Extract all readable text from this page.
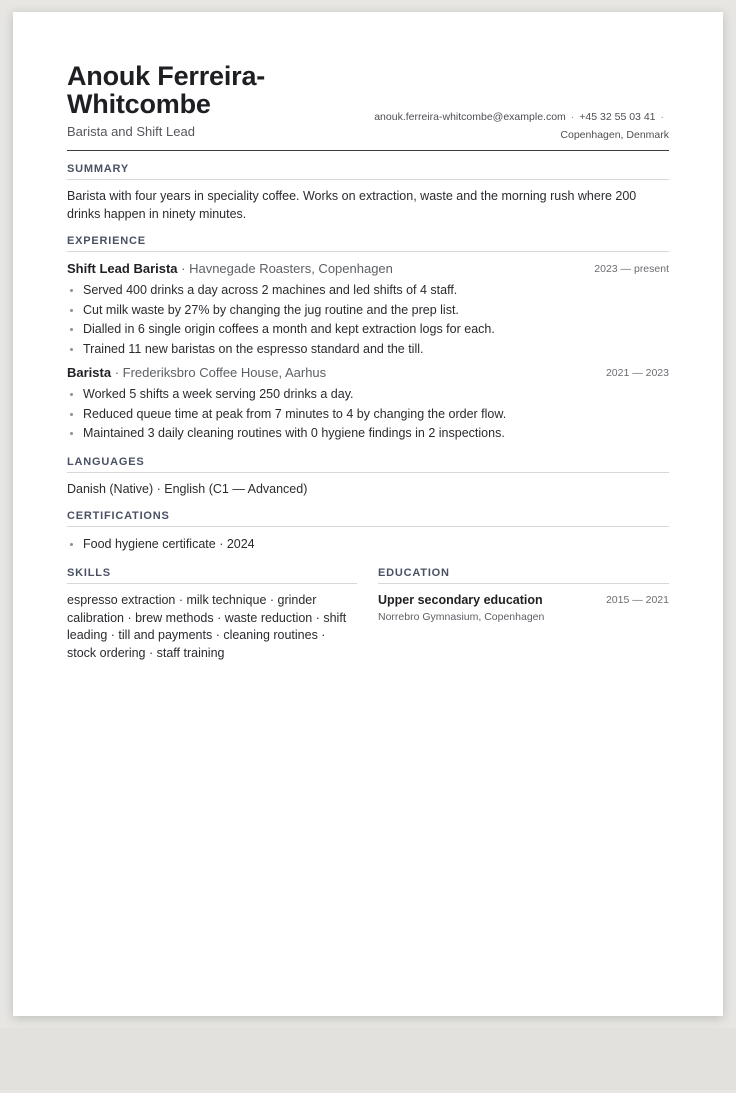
Anouk Ferreira-Whitcombe
Barista and Shift Lead
anouk.ferreira-whitcombe@example.com · +45 32 55 03 41 ·
Copenhagen, Denmark
SUMMARY
Barista with four years in speciality coffee. Works on extraction, waste and the morning rush where 200 drinks happen in ninety minutes.
EXPERIENCE
Shift Lead Barista · Havnegade Roasters, Copenhagen	2023 — present
• Served 400 drinks a day across 2 machines and led shifts of 4 staff.
• Cut milk waste by 27% by changing the jug routine and the prep list.
• Dialled in 6 single origin coffees a month and kept extraction logs for each.
• Trained 11 new baristas on the espresso standard and the till.
Barista · Frederiksbro Coffee House, Aarhus	2021 — 2023
• Worked 5 shifts a week serving 250 drinks a day.
• Reduced queue time at peak from 7 minutes to 4 by changing the order flow.
• Maintained 3 daily cleaning routines with 0 hygiene findings in 2 inspections.
LANGUAGES
Danish (Native) · English (C1 — Advanced)
CERTIFICATIONS
• Food hygiene certificate · 2024
SKILLS
espresso extraction · milk technique · grinder calibration · brew methods · waste reduction · shift leading · till and payments · cleaning routines · stock ordering · staff training
EDUCATION
Upper secondary education	2015 — 2021
Norrebro Gymnasium, Copenhagen
